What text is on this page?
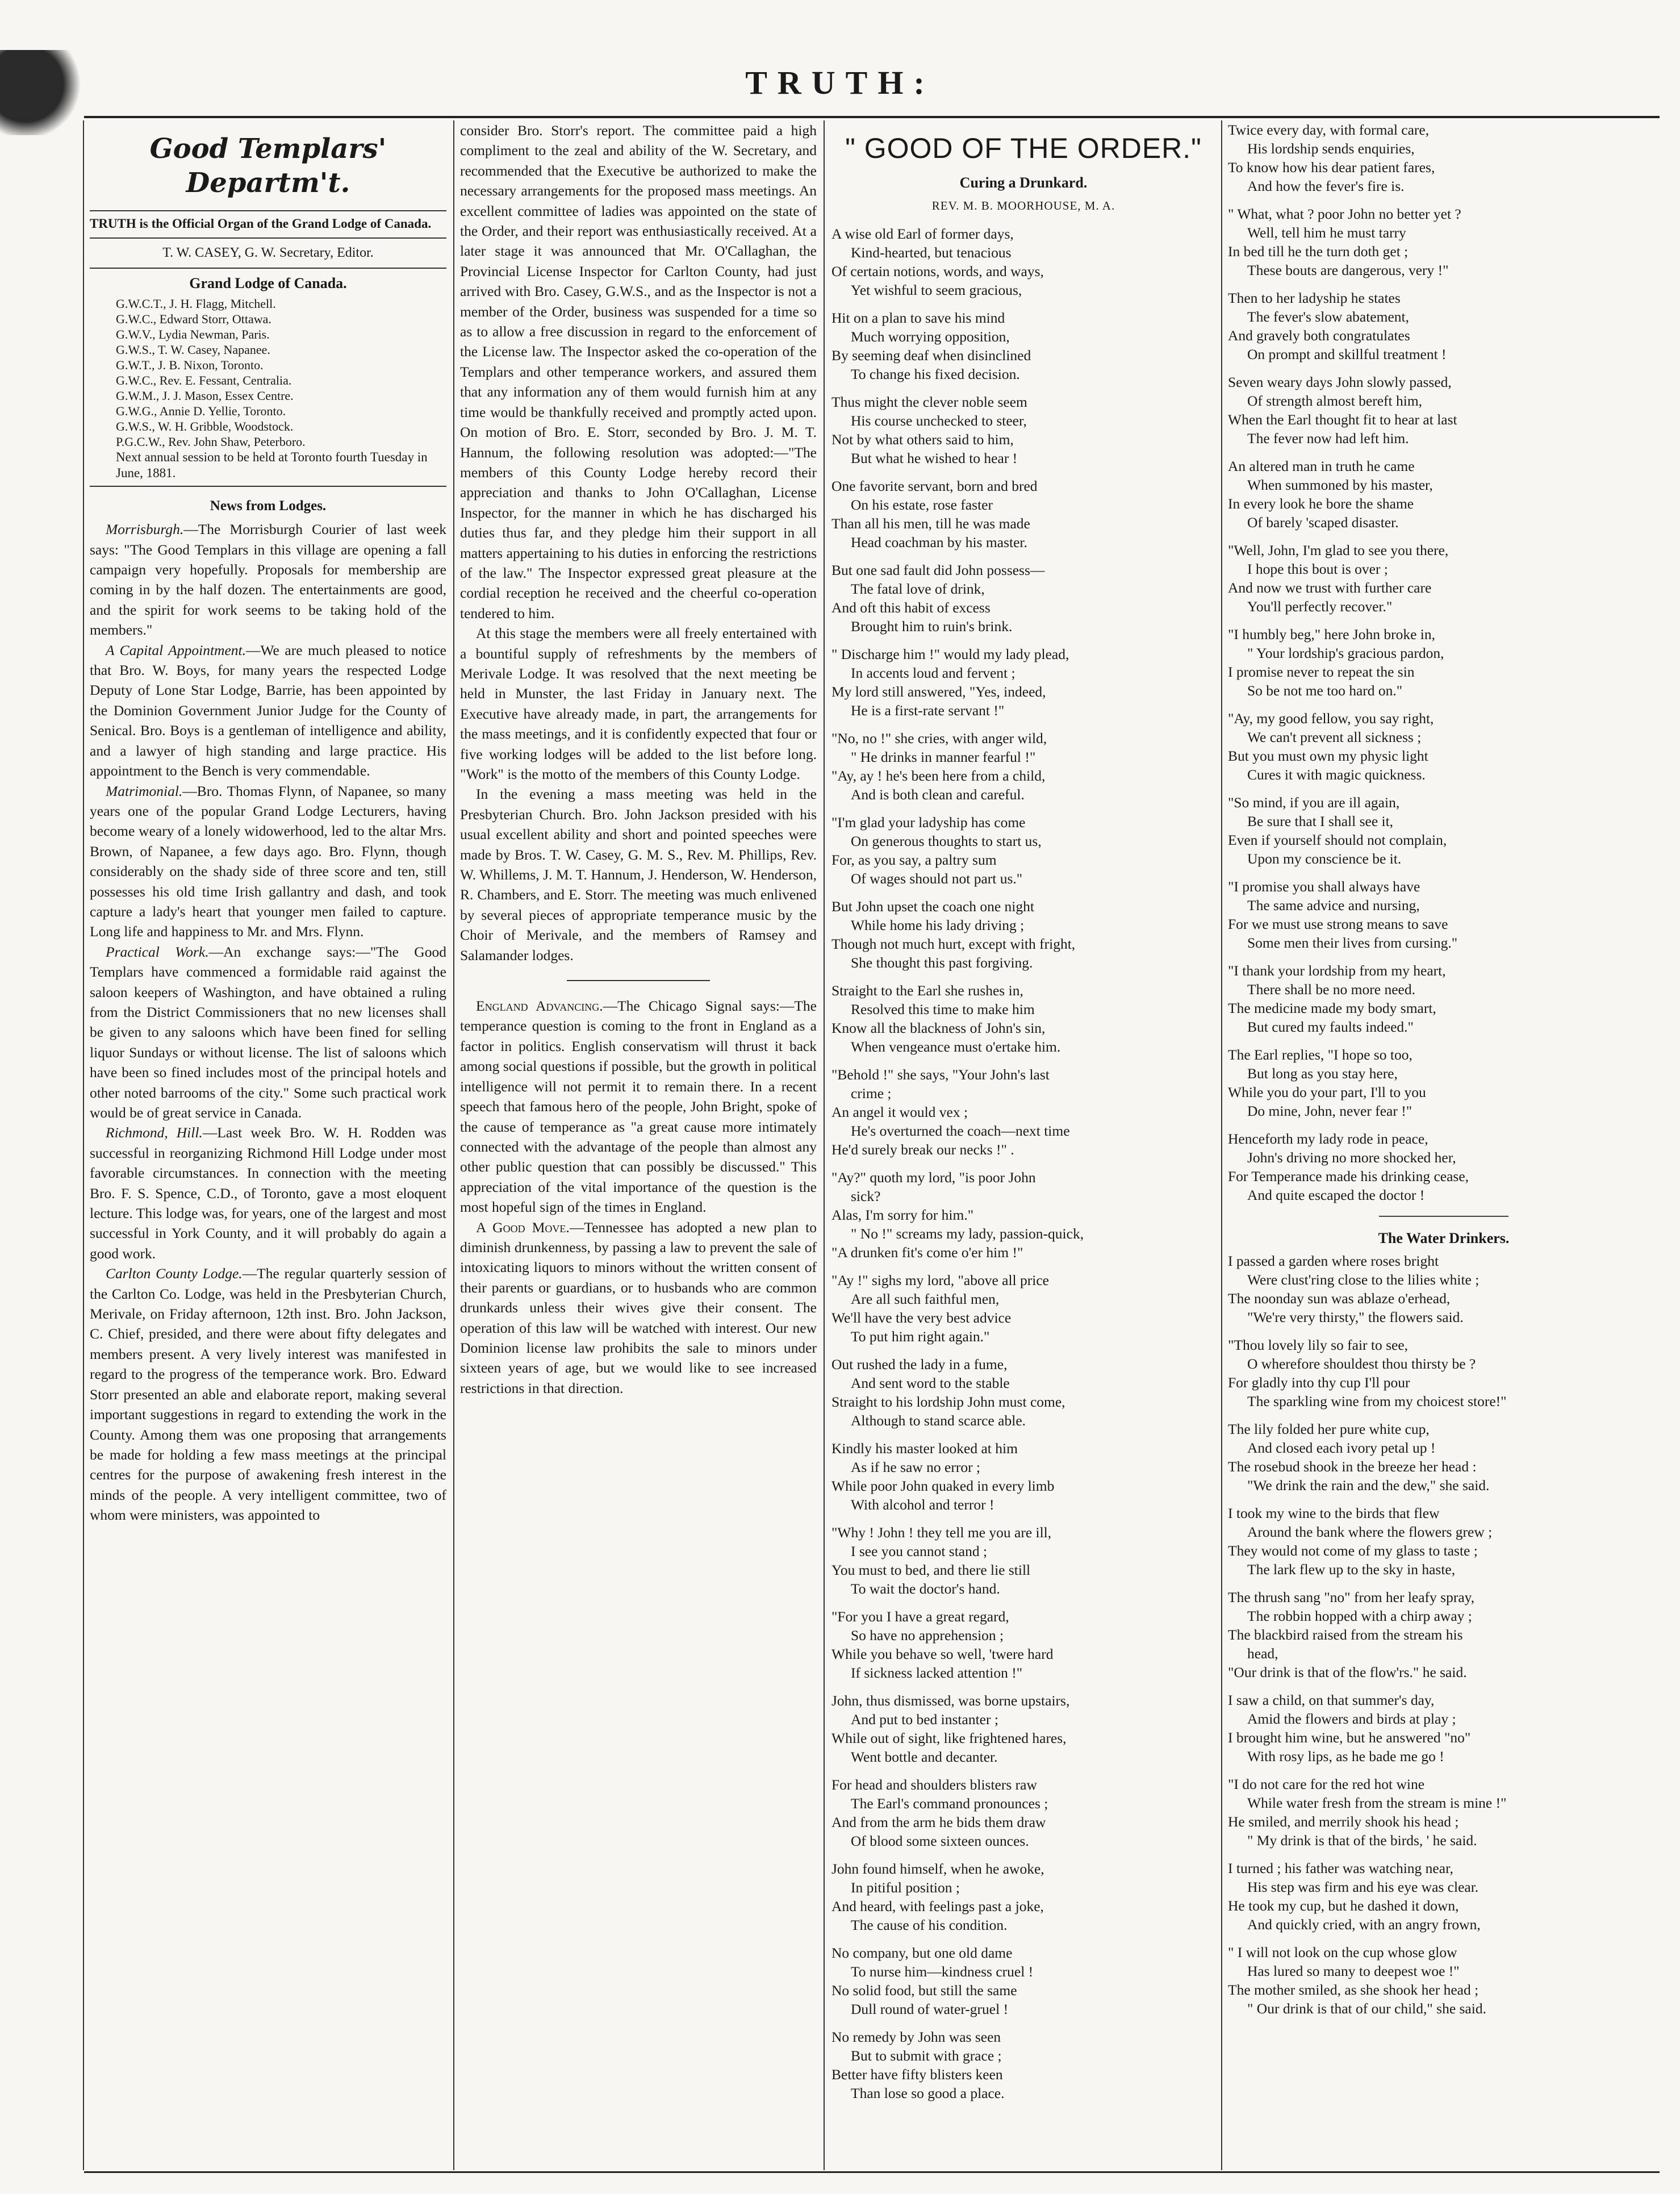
TRUTH:
Good Templars' Departm't.
TRUTH is the Official Organ of the Grand Lodge of Canada.
T. W. CASEY, G. W. Secretary, Editor.
Grand Lodge of Canada.
G.W.C.T., J. H. Flagg, Mitchell.
G.W.C., Edward Storr, Ottawa.
G.W.V., Lydia Newman, Paris.
G.W.S., T. W. Casey, Napanee.
G.W.T., J. B. Nixon, Toronto.
G.W.C., Rev. E. Fessant, Centralia.
G.W.M., J. J. Mason, Essex Centre.
G.W.G., Annie D. Yellie, Toronto.
G.W.S., W. H. Gribble, Woodstock.
P.G.C.W., Rev. John Shaw, Peterboro.
Next annual session to be held at Toronto fourth Tuesday in June, 1881.
News from Lodges.

Morrisburgh.—The Morrisburgh Courier of last week says: "The Good Templars in this village are opening a fall campaign very hopefully. Proposals for membership are coming in by the half dozen. The entertainments are good, and the spirit for work seems to be taking hold of the members."

A Capital Appointment.—We are much pleased to notice that Bro. W. Boys, for many years the respected Lodge Deputy of Lone Star Lodge, Barrie, has been appointed by the Dominion Government Junior Judge for the County of Senical. Bro. Boys is a gentleman of intelligence and ability, and a lawyer of high standing and large practice. His appointment to the Bench is very commendable.

Matrimonial.—Bro. Thomas Flynn, of Napanee, so many years one of the popular Grand Lodge Lecturers, having become weary of a lonely widowerhood, led to the altar Mrs. Brown, of Napanee, a few days ago. Bro. Flynn, though considerably on the shady side of three score and ten, still possesses his old time Irish gallantry and dash, and took capture a lady's heart that younger men failed to capture. Long life and happiness to Mr. and Mrs. Flynn.

Practical Work.—An exchange says:—"The Good Templars have commenced a formidable raid against the saloon keepers of Washington, and have obtained a ruling from the District Commissioners that no new licenses shall be given to any saloons which have been fined for selling liquor Sundays or without license. The list of saloons which have been so fined includes most of the principal hotels and other noted barrooms of the city." Some such practical work would be of great service in Canada.

Richmond, Hill.—Last week Bro. W. H. Rodden was successful in reorganizing Richmond Hill Lodge under most favorable circumstances. In connection with the meeting Bro. F. S. Spence, C.D., of Toronto, gave a most eloquent lecture. This lodge was, for years, one of the largest and most successful in York County, and it will probably do again a good work.

Carlton County Lodge.—The regular quarterly session of the Carlton Co. Lodge, was held in the Presbyterian Church, Merivale, on Friday afternoon, 12th inst. Bro. John Jackson, C. Chief, presided, and there were about fifty delegates and members present. A very lively interest was manifested in regard to the progress of the temperance work. Bro. Edward Storr presented an able and elaborate report, making several important suggestions in regard to extending the work in the County. Among them was one proposing that arrangements be made for holding a few mass meetings at the principal centres for the purpose of awakening fresh interest in the minds of the people. A very intelligent committee, two of whom were ministers, was appointed to

consider Bro. Storr's report. The committee paid a high compliment to the zeal and ability of the W. Secretary, and recommended that the Executive be authorized to make the necessary arrangements for the proposed mass meetings. An excellent committee of ladies was appointed on the state of the Order, and their report was enthusiastically received. At a later stage it was announced that Mr. O'Callaghan, the Provincial License Inspector for Carlton County, had just arrived with Bro. Casey, G.W.S., and as the Inspector is not a member of the Order, business was suspended for a time so as to allow a free discussion in regard to the enforcement of the License law. The Inspector asked the co-operation of the Templars and other temperance workers, and assured them that any information any of them would furnish him at any time would be thankfully received and promptly acted upon. On motion of Bro. E. Storr, seconded by Bro. J. M. T. Hannum, the following resolution was adopted:—"The members of this County Lodge hereby record their appreciation and thanks to John O'Callaghan, License Inspector, for the manner in which he has discharged his duties thus far, and they pledge him their support in all matters appertaining to his duties in enforcing the restrictions of the law." The Inspector expressed great pleasure at the cordial reception he received and the cheerful co-operation tendered to him.

At this stage the members were all freely entertained with a bountiful supply of refreshments by the members of Merivale Lodge. It was resolved that the next meeting be held in Munster, the last Friday in January next. The Executive have already made, in part, the arrangements for the mass meetings, and it is confidently expected that four or five working lodges will be added to the list before long. "Work" is the motto of the members of this County Lodge.

In the evening a mass meeting was held in the Presbyterian Church. Bro. John Jackson presided with his usual excellent ability and short and pointed speeches were made by Bros. T. W. Casey, G. M. S., Rev. M. Phillips, Rev. W. Whillems, J. M. T. Hannum, J. Henderson, W. Henderson, R. Chambers, and E. Storr. The meeting was much enlivened by several pieces of appropriate temperance music by the Choir of Merivale, and the members of Ramsey and Salamander lodges.

England Advancing.—The Chicago Signal says:—The temperance question is coming to the front in England as a factor in politics. English conservatism will thrust it back among social questions if possible, but the growth in political intelligence will not permit it to remain there. In a recent speech that famous hero of the people, John Bright, spoke of the cause of temperance as "a great cause more intimately connected with the advantage of the people than almost any other public question that can possibly be discussed." This appreciation of the vital importance of the question is the most hopeful sign of the times in England.

A Good Move.—Tennessee has adopted a new plan to diminish drunkenness, by passing a law to prevent the sale of intoxicating liquors to minors without the written consent of their parents or guardians, or to husbands who are common drunkards unless their wives give their consent. The operation of this law will be watched with interest. Our new Dominion license law prohibits the sale to minors under sixteen years of age, but we would like to see increased restrictions in that direction.

" GOOD OF THE ORDER."
Curing a Drunkard.
REV. M. B. MOORHOUSE, M. A.
A wise old Earl of former days,
Kind-hearted, but tenacious
Of certain notions, words, and ways,
Yet wishful to seem gracious,
Hit on a plan to save his mind
Much worrying opposition,
By seeming deaf when disinclined
To change his fixed decision.
Thus might the clever noble seem
His course unchecked to steer,
Not by what others said to him,
But what he wished to hear !
One favorite servant, born and bred
On his estate, rose faster
Than all his men, till he was made
Head coachman by his master.
But one sad fault did John possess—
The fatal love of drink,
And oft this habit of excess
Brought him to ruin's brink.
" Discharge him !" would my lady plead,
In accents loud and fervent ;
My lord still answered, "Yes, indeed,
He is a first-rate servant !"
"No, no !" she cries, with anger wild,
" He drinks in manner fearful !"
"Ay, ay ! he's been here from a child,
And is both clean and careful.
"I'm glad your ladyship has come
On generous thoughts to start us,
For, as you say, a paltry sum
Of wages should not part us."
But John upset the coach one night
While home his lady driving ;
Though not much hurt, except with fright,
She thought this past forgiving.
Straight to the Earl she rushes in,
Resolved this time to make him
Know all the blackness of John's sin,
When vengeance must o'ertake him.
"Behold !" she says, "Your John's last
crime ;
An angel it would vex ;
He's overturned the coach—next time
He'd surely break our necks !" .
"Ay?" quoth my lord, "is poor John
sick?
Alas, I'm sorry for him."
" No !" screams my lady, passion-quick,
"A drunken fit's come o'er him !"
"Ay !" sighs my lord, "above all price
Are all such faithful men,
We'll have the very best advice
To put him right again."
Out rushed the lady in a fume,
And sent word to the stable
Straight to his lordship John must come,
Although to stand scarce able.
Kindly his master looked at him
As if he saw no error ;
While poor John quaked in every limb
With alcohol and terror !
"Why ! John ! they tell me you are ill,
I see you cannot stand ;
You must to bed, and there lie still
To wait the doctor's hand.
"For you I have a great regard,
So have no apprehension ;
While you behave so well, 'twere hard
If sickness lacked attention !"
John, thus dismissed, was borne upstairs,
And put to bed instanter ;
While out of sight, like frightened hares,
Went bottle and decanter.
For head and shoulders blisters raw
The Earl's command pronounces ;
And from the arm he bids them draw
Of blood some sixteen ounces.
John found himself, when he awoke,
In pitiful position ;
And heard, with feelings past a joke,
The cause of his condition.
No company, but one old dame
To nurse him—kindness cruel !
No solid food, but still the same
Dull round of water-gruel !
No remedy by John was seen
But to submit with grace ;
Better have fifty blisters keen
Than lose so good a place.
Twice every day, with formal care,
His lordship sends enquiries,
To know how his dear patient fares,
And how the fever's fire is.
" What, what ? poor John no better yet ?
Well, tell him he must tarry
In bed till he the turn doth get ;
These bouts are dangerous, very !"
Then to her ladyship he states
The fever's slow abatement,
And gravely both congratulates
On prompt and skillful treatment !
Seven weary days John slowly passed,
Of strength almost bereft him,
When the Earl thought fit to hear at last
The fever now had left him.
An altered man in truth he came
When summoned by his master,
In every look he bore the shame
Of barely 'scaped disaster.
"Well, John, I'm glad to see you there,
I hope this bout is over ;
And now we trust with further care
You'll perfectly recover."
"I humbly beg," here John broke in,
" Your lordship's gracious pardon,
I promise never to repeat the sin
So be not me too hard on."
"Ay, my good fellow, you say right,
We can't prevent all sickness ;
But you must own my physic light
Cures it with magic quickness.
"So mind, if you are ill again,
Be sure that I shall see it,
Even if yourself should not complain,
Upon my conscience be it.
"I promise you shall always have
The same advice and nursing,
For we must use strong means to save
Some men their lives from cursing."
"I thank your lordship from my heart,
There shall be no more need.
The medicine made my body smart,
But cured my faults indeed."
The Earl replies, "I hope so too,
But long as you stay here,
While you do your part, I'll to you
Do mine, John, never fear !"
Henceforth my lady rode in peace,
John's driving no more shocked her,
For Temperance made his drinking cease,
And quite escaped the doctor !
The Water Drinkers.
I passed a garden where roses bright
Were clust'ring close to the lilies white ;
The noonday sun was ablaze o'erhead,
"We're very thirsty," the flowers said.
"Thou lovely lily so fair to see,
O wherefore shouldest thou thirsty be ?
For gladly into thy cup I'll pour
The sparkling wine from my choicest store!"
The lily folded her pure white cup,
And closed each ivory petal up !
The rosebud shook in the breeze her head :
"We drink the rain and the dew," she said.
I took my wine to the birds that flew
Around the bank where the flowers grew ;
They would not come of my glass to taste ;
The lark flew up to the sky in haste,
The thrush sang "no" from her leafy spray,
The robbin hopped with a chirp away ;
The blackbird raised from the stream his
head,
"Our drink is that of the flow'rs." he said.
I saw a child, on that summer's day,
Amid the flowers and birds at play ;
I brought him wine, but he answered "no"
With rosy lips, as he bade me go !
"I do not care for the red hot wine
While water fresh from the stream is mine !"
He smiled, and merrily shook his head ;
" My drink is that of the birds, ' he said.
I turned ; his father was watching near,
His step was firm and his eye was clear.
He took my cup, but he dashed it down,
And quickly cried, with an angry frown,
" I will not look on the cup whose glow
Has lured so many to deepest woe !"
The mother smiled, as she shook her head ;
" Our drink is that of our child," she said.
